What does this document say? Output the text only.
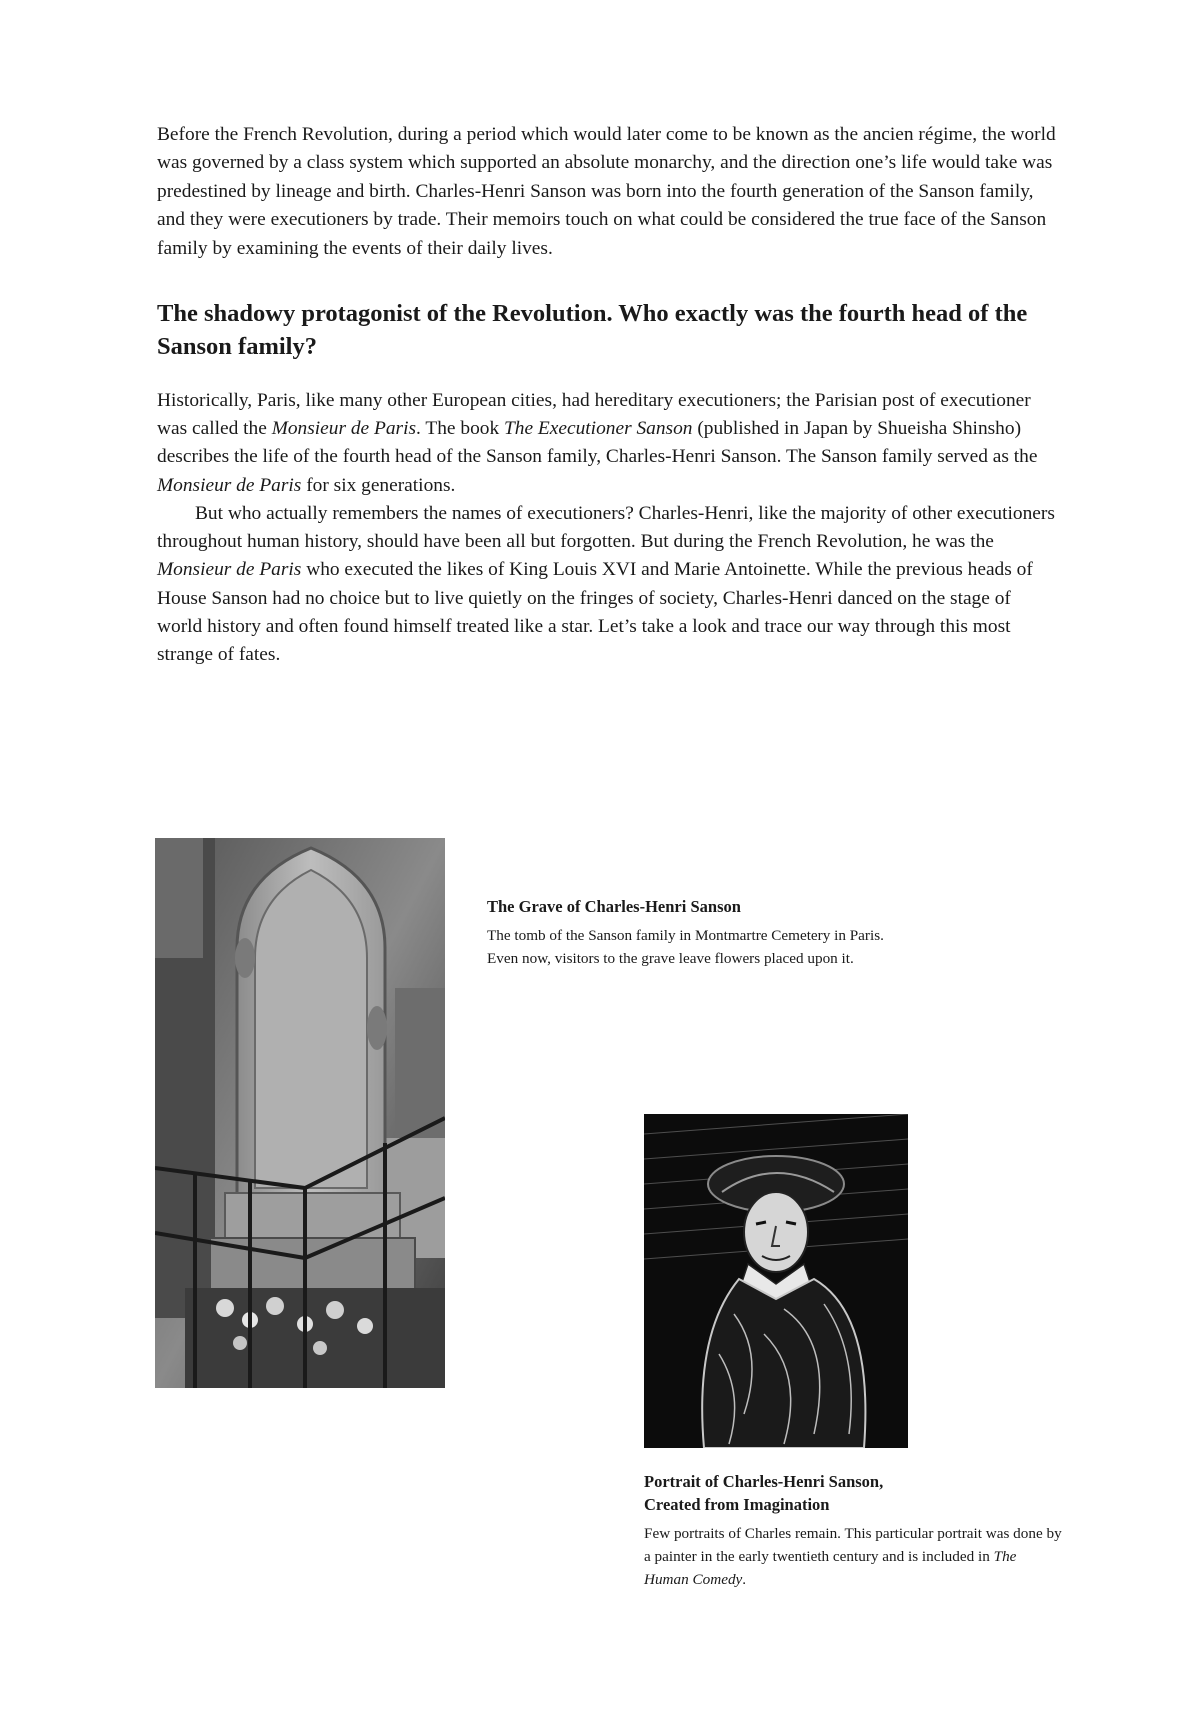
Before the French Revolution, during a period which would later come to be known as the ancien régime, the world was governed by a class system which supported an absolute monarchy, and the direction one’s life would take was predestined by lineage and birth. Charles-Henri Sanson was born into the fourth generation of the Sanson family, and they were executioners by trade. Their memoirs touch on what could be considered the true face of the Sanson family by examining the events of their daily lives.

The shadowy protagonist of the Revolution. Who exactly was the fourth head of the Sanson family?

Historically, Paris, like many other European cities, had hereditary executioners; the Parisian post of executioner was called the Monsieur de Paris. The book The Executioner Sanson (published in Japan by Shueisha Shinsho) describes the life of the fourth head of the Sanson family, Charles-Henri Sanson. The Sanson family served as the Monsieur de Paris for six generations.

But who actually remembers the names of executioners? Charles-Henri, like the majority of other executioners throughout human history, should have been all but forgotten. But during the French Revolution, he was the Monsieur de Paris who executed the likes of King Louis XVI and Marie Antoinette. While the previous heads of House Sanson had no choice but to live quietly on the fringes of society, Charles-Henri danced on the stage of world history and often found himself treated like a star. Let’s take a look and trace our way through this most strange of fates.

The Grave of Charles-Henri Sanson

The tomb of the Sanson family in Montmartre Cemetery in Paris.
Even now, visitors to the grave leave flowers placed upon it.

Portrait of Charles-Henri Sanson,
Created from Imagination

Few portraits of Charles remain. This particular portrait was done by a painter in the early twentieth century and is included in The Human Comedy.
